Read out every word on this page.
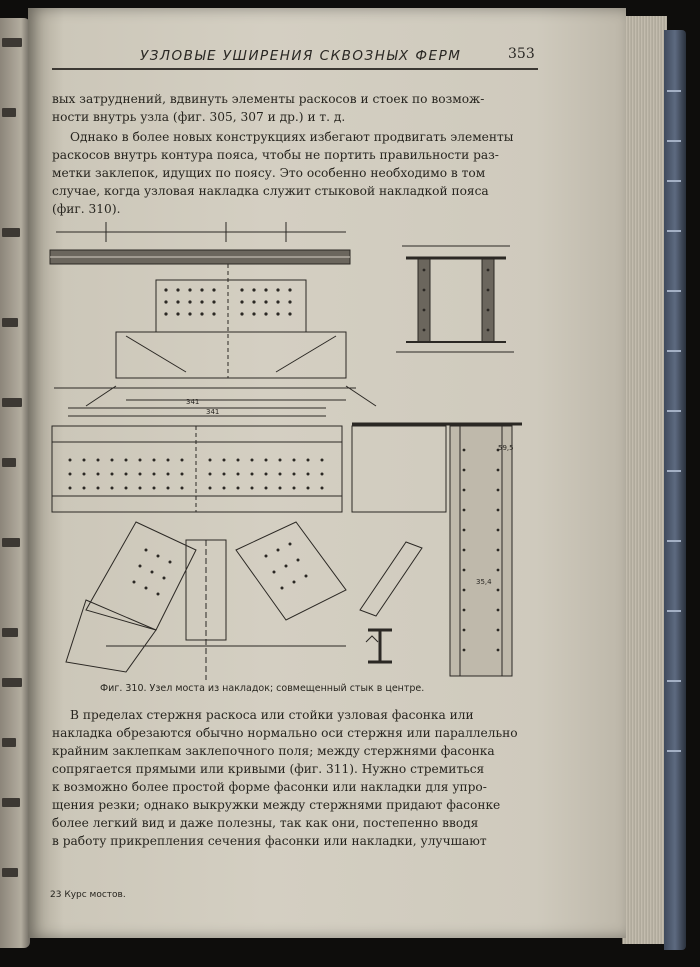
УЗЛОВЫЕ УШИРЕНИЯ СКВОЗНЫХ ФЕРМ	353
вых затруднений, вдвинуть элементы раскосов и стоек по возмож-
ности внутрь узла (фиг. 305, 307 и др.) и т. д.
Однако в более новых конструкциях избегают продвигать элементы
раскосов внутрь контура пояса, чтобы не портить правильности раз-
метки заклепок, идущих по поясу. Это особенно необходимо в том
случае, когда узловая накладка служит стыковой накладкой пояса
(фиг. 310).
341
341
59,5
35,4
Фиг. 310. Узел моста из накладок; совмещенный стык в центре.
В пределах стержня раскоса или стойки узловая фасонка или
накладка обрезаются обычно нормально оси стержня или параллельно
крайним заклепкам заклепочного поля; между стержнями фасонка
сопрягается прямыми или кривыми (фиг. 311). Нужно стремиться
к возможно более простой форме фасонки или накладки для упро-
щения резки; однако выкружки между стержнями придают фасонке
более легкий вид и даже полезны, так как они, постепенно вводя
в работу прикрепления сечения фасонки или накладки, улучшают
23 Курс мостов.
